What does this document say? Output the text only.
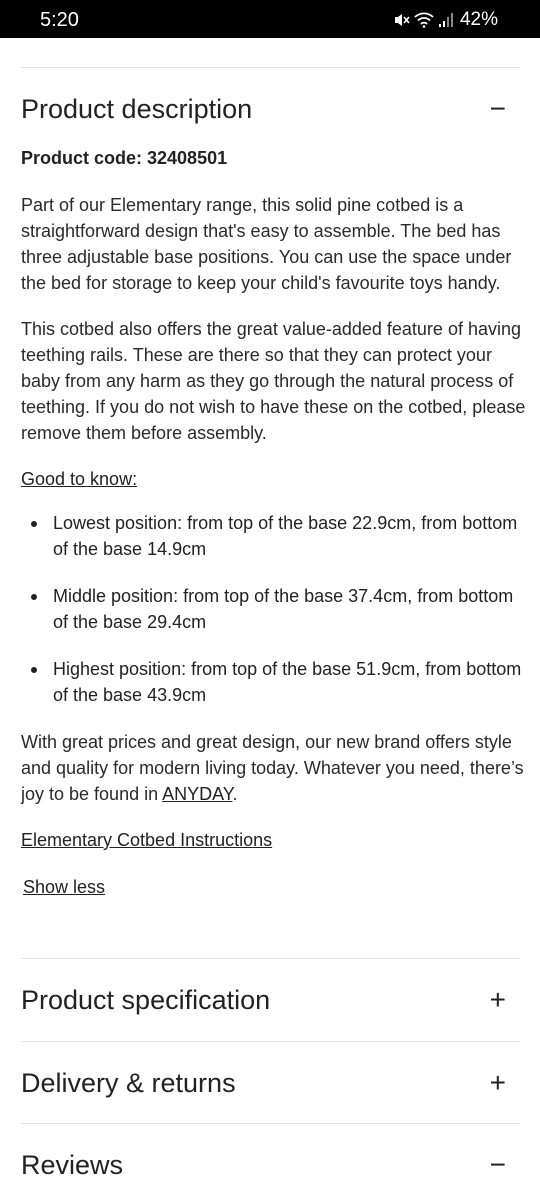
5:20	42%
Product description	−
Product code: 32408501

Part of our Elementary range, this solid pine cotbed is a straightforward design that's easy to assemble. The bed has three adjustable base positions. You can use the space under the bed for storage to keep your child's favourite toys handy.

This cotbed also offers the great value-added feature of having teething rails. These are there so that they can protect your baby from any harm as they go through the natural process of teething. If you do not wish to have these on the cotbed, please remove them before assembly.

Good to know:
Lowest position: from top of the base 22.9cm, from bottom of the base 14.9cm
Middle position: from top of the base 37.4cm, from bottom of the base 29.4cm
Highest position: from top of the base 51.9cm, from bottom of the base 43.9cm

With great prices and great design, our new brand offers style and quality for modern living today. Whatever you need, there’s joy to be found in ANYDAY.

Elementary Cotbed Instructions
Show less
Product specification	+
Delivery & returns	+
Reviews	−
